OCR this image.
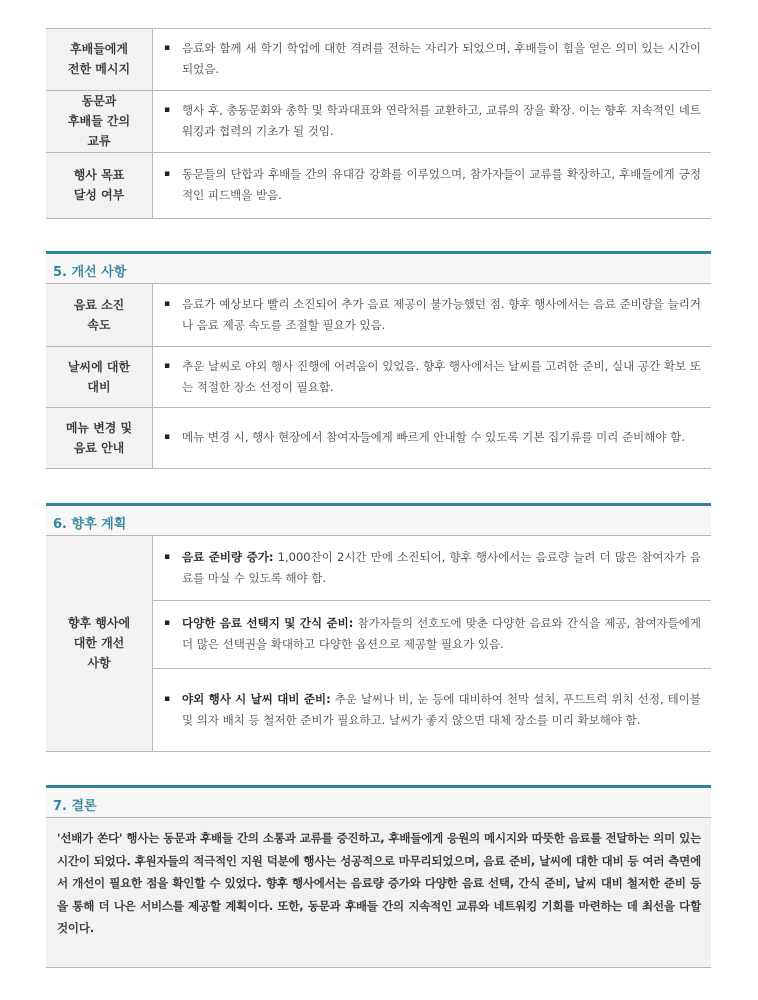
후배들에게
전한 메시지	▪ 음료와 함께 새 학기 학업에 대한 격려를 전하는 자리가 되었으며, 후배들이 힘을 얻은 의미 있는 시간이 되었음.

동문과
후배들 간의
교류	▪ 행사 후, 총동문회와 총학 및 학과대표와 연락처를 교환하고, 교류의 장을 확장. 이는 향후 지속적인 네트워킹과 협력의 기초가 될 것임.

행사 목표
달성 여부	▪ 동문들의 단합과 후배들 간의 유대감 강화를 이루었으며, 참가자들이 교류를 확장하고, 후배들에게 긍정적인 피드백을 받음.
5. 개선 사항
음료 소진
속도	▪ 음료가 예상보다 빨리 소진되어 추가 음료 제공이 불가능했던 점. 향후 행사에서는 음료 준비량을 늘리거나 음료 제공 속도를 조절할 필요가 있음.

날씨에 대한
대비	▪ 추운 날씨로 야외 행사 진행에 어려움이 있었음. 향후 행사에서는 날씨를 고려한 준비, 실내 공간 확보 또는 적절한 장소 선정이 필요함.

메뉴 변경 및
음료 안내	▪ 메뉴 변경 시, 행사 현장에서 참여자들에게 빠르게 안내할 수 있도록 기본 집기류를 미리 준비해야 함.
6. 향후 계획
향후 행사에
대한 개선
사항	
▪	음료 준비량 증가: 1,000잔이 2시간 만에 소진되어, 향후 행사에서는 음료량 늘려 더 많은 참여자가 음료를 마실 수 있도록 해야 함.

▪	다양한 음료 선택지 및 간식 준비: 참가자들의 선호도에 맞춘 다양한 음료와 간식을 제공, 참여자들에게 더 많은 선택권을 확대하고 다양한 옵션으로 제공할 필요가 있음.

▪	야외 행사 시 날씨 대비 준비: 추운 날씨나 비, 눈 등에 대비하여 천막 설치, 푸드트럭 위치 선정, 테이블 및 의자 배치 등 철저한 준비가 필요하고. 날씨가 좋지 않으면 대체 장소를 미리 확보해야 함.
7. 결론

'선배가 쏜다' 행사는 동문과 후배들 간의 소통과 교류를 증진하고, 후배들에게 응원의 메시지와 따뜻한 음료를 전달하는 의미 있는 시간이 되었다. 후원자들의 적극적인 지원 덕분에 행사는 성공적으로 마무리되었으며, 음료 준비, 날씨에 대한 대비 등 여러 측면에서 개선이 필요한 점을 확인할 수 있었다. 향후 행사에서는 음료량 증가와 다양한 음료 선택, 간식 준비, 날씨 대비 철저한 준비 등을 통해 더 나은 서비스를 제공할 계획이다. 또한, 동문과 후배들 간의 지속적인 교류와 네트워킹 기회를 마련하는 데 최선을 다할 것이다.
